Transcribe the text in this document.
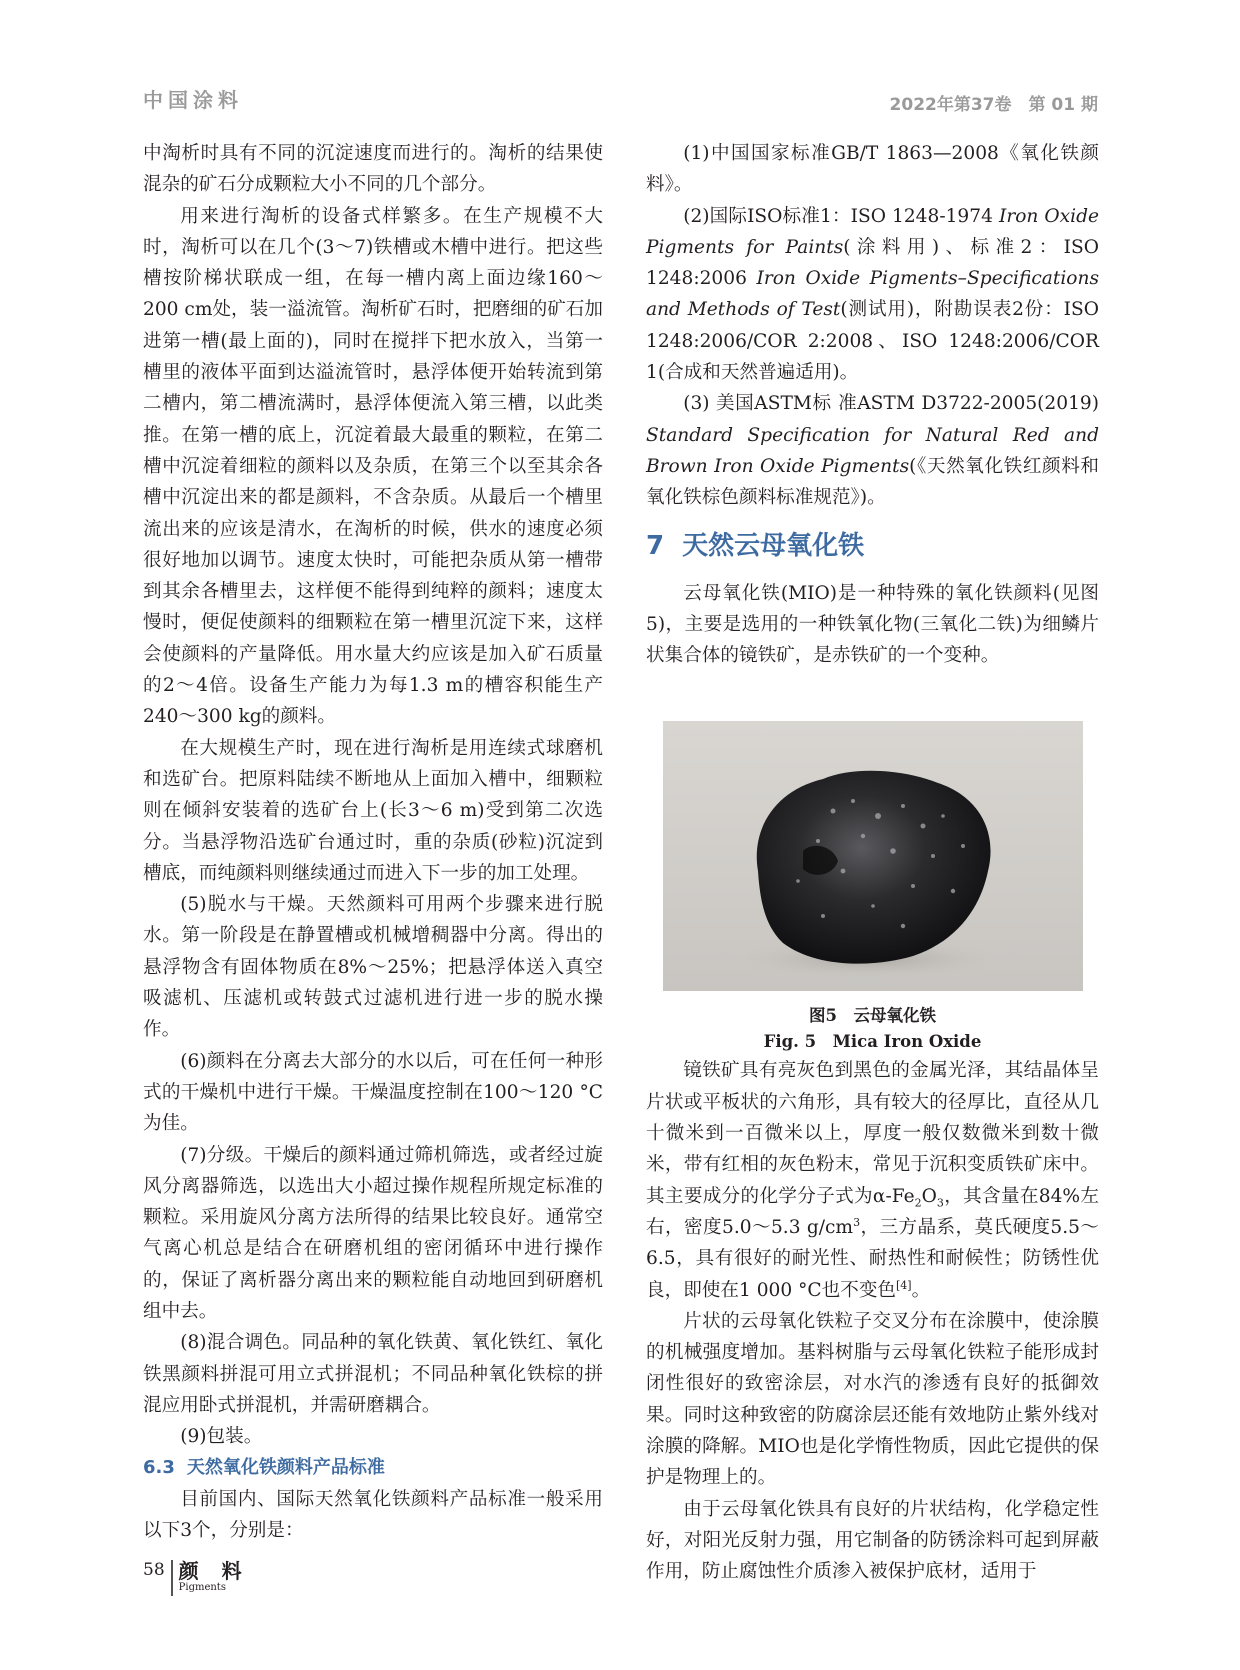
中国涂料	2022年第37卷　第 01 期

中淘析时具有不同的沉淀速度而进行的。淘析的结果使混杂的矿石分成颗粒大小不同的几个部分。

用来进行淘析的设备式样繁多。在生产规模不大时，淘析可以在几个(3～7)铁槽或木槽中进行。把这些槽按阶梯状联成一组，在每一槽内离上面边缘160～200 cm处，装一溢流管。淘析矿石时，把磨细的矿石加进第一槽(最上面的)，同时在搅拌下把水放入，当第一槽里的液体平面到达溢流管时，悬浮体便开始转流到第二槽内，第二槽流满时，悬浮体便流入第三槽，以此类推。在第一槽的底上，沉淀着最大最重的颗粒，在第二槽中沉淀着细粒的颜料以及杂质，在第三个以至其余各槽中沉淀出来的都是颜料，不含杂质。从最后一个槽里流出来的应该是清水，在淘析的时候，供水的速度必须很好地加以调节。速度太快时，可能把杂质从第一槽带到其余各槽里去，这样便不能得到纯粹的颜料；速度太慢时，便促使颜料的细颗粒在第一槽里沉淀下来，这样会使颜料的产量降低。用水量大约应该是加入矿石质量的2～4倍。设备生产能力为每1.3 m的槽容积能生产240～300 kg的颜料。

在大规模生产时，现在进行淘析是用连续式球磨机和选矿台。把原料陆续不断地从上面加入槽中，细颗粒则在倾斜安装着的选矿台上(长3～6 m)受到第二次选分。当悬浮物沿选矿台通过时，重的杂质(砂粒)沉淀到槽底，而纯颜料则继续通过而进入下一步的加工处理。

(5)脱水与干燥。天然颜料可用两个步骤来进行脱水。第一阶段是在静置槽或机械增稠器中分离。得出的悬浮物含有固体物质在8%～25%；把悬浮体送入真空吸滤机、压滤机或转鼓式过滤机进行进一步的脱水操作。

(6)颜料在分离去大部分的水以后，可在任何一种形式的干燥机中进行干燥。干燥温度控制在100～120 °C为佳。

(7)分级。干燥后的颜料通过筛机筛选，或者经过旋风分离器筛选，以选出大小超过操作规程所规定标准的颗粒。采用旋风分离方法所得的结果比较良好。通常空气离心机总是结合在研磨机组的密闭循环中进行操作的，保证了离析器分离出来的颗粒能自动地回到研磨机组中去。

(8)混合调色。同品种的氧化铁黄、氧化铁红、氧化铁黑颜料拼混可用立式拼混机；不同品种氧化铁棕的拼混应用卧式拼混机，并需研磨耦合。

(9)包装。

6.3 天然氧化铁颜料产品标准

目前国内、国际天然氧化铁颜料产品标准一般采用以下3个，分别是：

(1)中国国家标准GB/T 1863—2008《氧化铁颜料》。

(2)国际ISO标准1：ISO 1248-1974 Iron Oxide Pigments for Paints(涂料用)、标准2：ISO 1248:2006 Iron Oxide Pigments–Specifications and Methods of Test(测试用)，附勘误表2份：ISO 1248:2006/COR 2:2008、ISO 1248:2006/COR 1(合成和天然普遍适用)。

(3) 美国ASTM标 准ASTM D3722-2005(2019) Standard Specification for Natural Red and Brown Iron Oxide Pigments(《天然氧化铁红颜料和氧化铁棕色颜料标准规范》)。

7 天然云母氧化铁

云母氧化铁(MIO)是一种特殊的氧化铁颜料(见图5)，主要是选用的一种铁氧化物(三氧化二铁)为细鳞片状集合体的镜铁矿，是赤铁矿的一个变种。

图5　云母氧化铁
Fig. 5　Mica Iron Oxide

镜铁矿具有亮灰色到黑色的金属光泽，其结晶体呈片状或平板状的六角形，具有较大的径厚比，直径从几十微米到一百微米以上，厚度一般仅数微米到数十微米，带有红相的灰色粉末，常见于沉积变质铁矿床中。其主要成分的化学分子式为$\alpha-Fe_2O_3$，其含量在84%左右，密度5.0～5.3 $g/cm^3$，三方晶系，莫氏硬度5.5～6.5，具有很好的耐光性、耐热性和耐候性；防锈性优良，即使在1 000 °C也不变色[4]。

片状的云母氧化铁粒子交叉分布在涂膜中，使涂膜的机械强度增加。基料树脂与云母氧化铁粒子能形成封闭性很好的致密涂层，对水汽的渗透有良好的抵御效果。同时这种致密的防腐涂层还能有效地防止紫外线对涂膜的降解。MIO也是化学惰性物质，因此它提供的保护是物理上的。

由于云母氧化铁具有良好的片状结构，化学稳定性好，对阳光反射力强，用它制备的防锈涂料可起到屏蔽作用，防止腐蚀性介质渗入被保护底材，适用于

58 颜 料
Pigments
